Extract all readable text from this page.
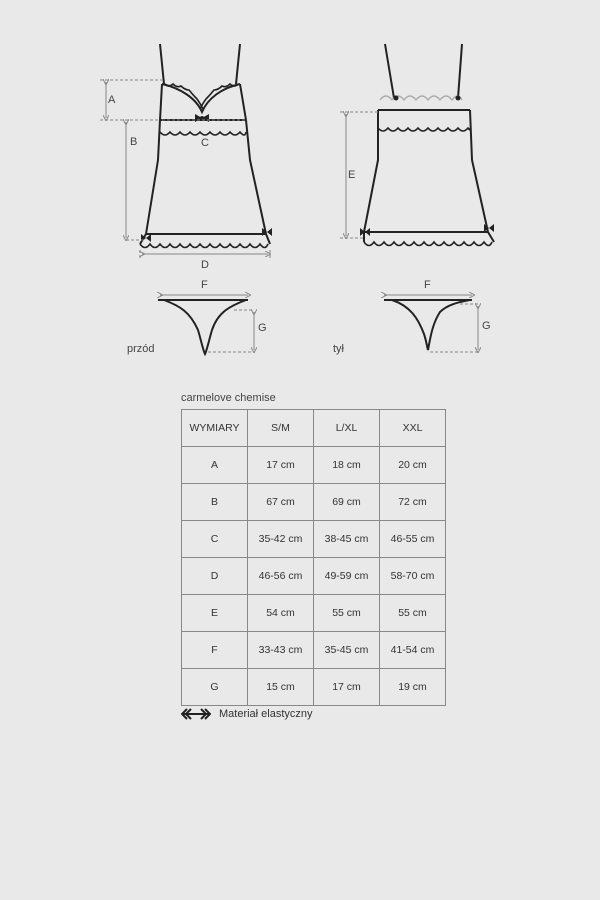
A
B	C
D
E
F
G
F
G
przód	tył
carmelove chemise
WYMIARY	S/M	L/XL	XXL
A	17 cm	18 cm	20 cm
B	67 cm	69 cm	72 cm
C	35-42 cm	38-45 cm	46-55 cm
D	46-56 cm	49-59 cm	58-70 cm
E	54 cm	55 cm	55 cm
F	33-43 cm	35-45 cm	41-54 cm
G	15 cm	17 cm	19 cm
Materiał elastyczny
